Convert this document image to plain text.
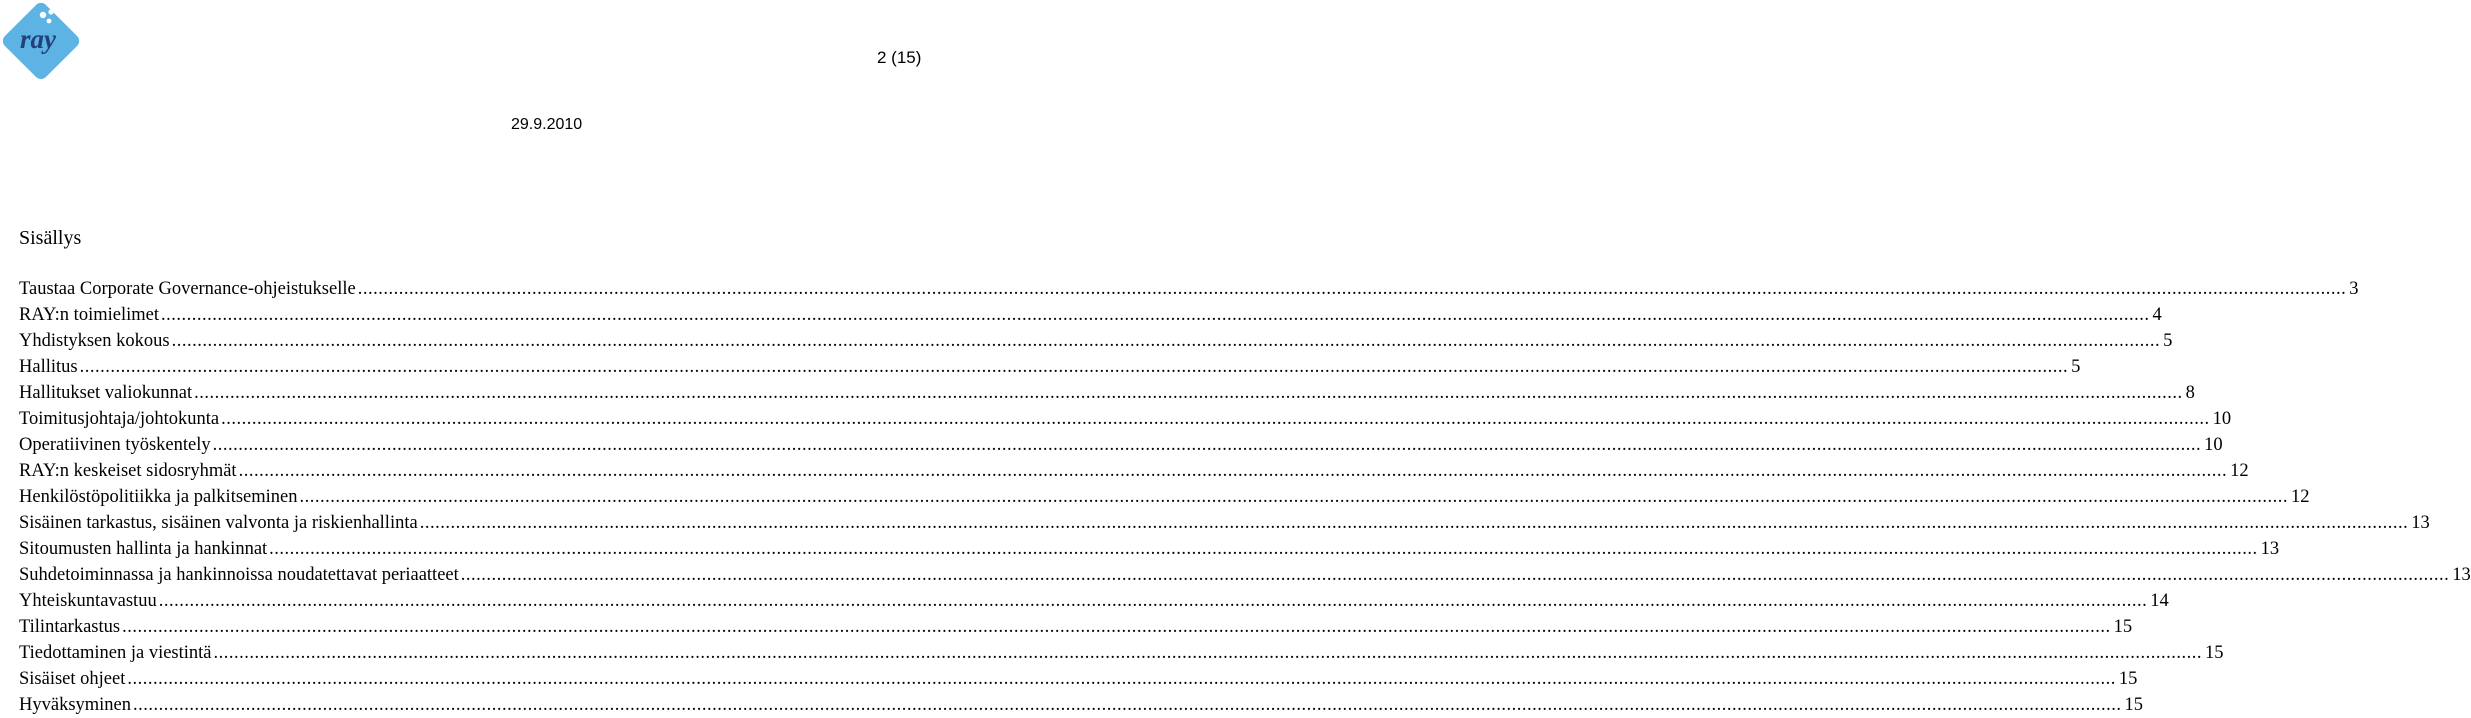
ray
2 (15)
29.9.2010
Sisällys
Taustaa Corporate Governance-ohjeistukselle .....	3
RAY:n toimielimet .....	4
Yhdistyksen kokous .....	5
Hallitus .....	5
Hallitukset valiokunnat .....	8
Toimitusjohtaja/johtokunta .....	10
Operatiivinen työskentely .....	10
RAY:n keskeiset sidosryhmät .....	12
Henkilöstöpolitiikka ja palkitseminen .....	12
Sisäinen tarkastus, sisäinen valvonta ja riskienhallinta .....	13
Sitoumusten hallinta ja hankinnat .....	13
Suhdetoiminnassa ja hankinnoissa noudatettavat periaatteet .....	13
Yhteiskuntavastuu .....	14
Tilintarkastus .....	15
Tiedottaminen ja viestintä .....	15
Sisäiset ohjeet .....	15
Hyväksyminen .....	15
